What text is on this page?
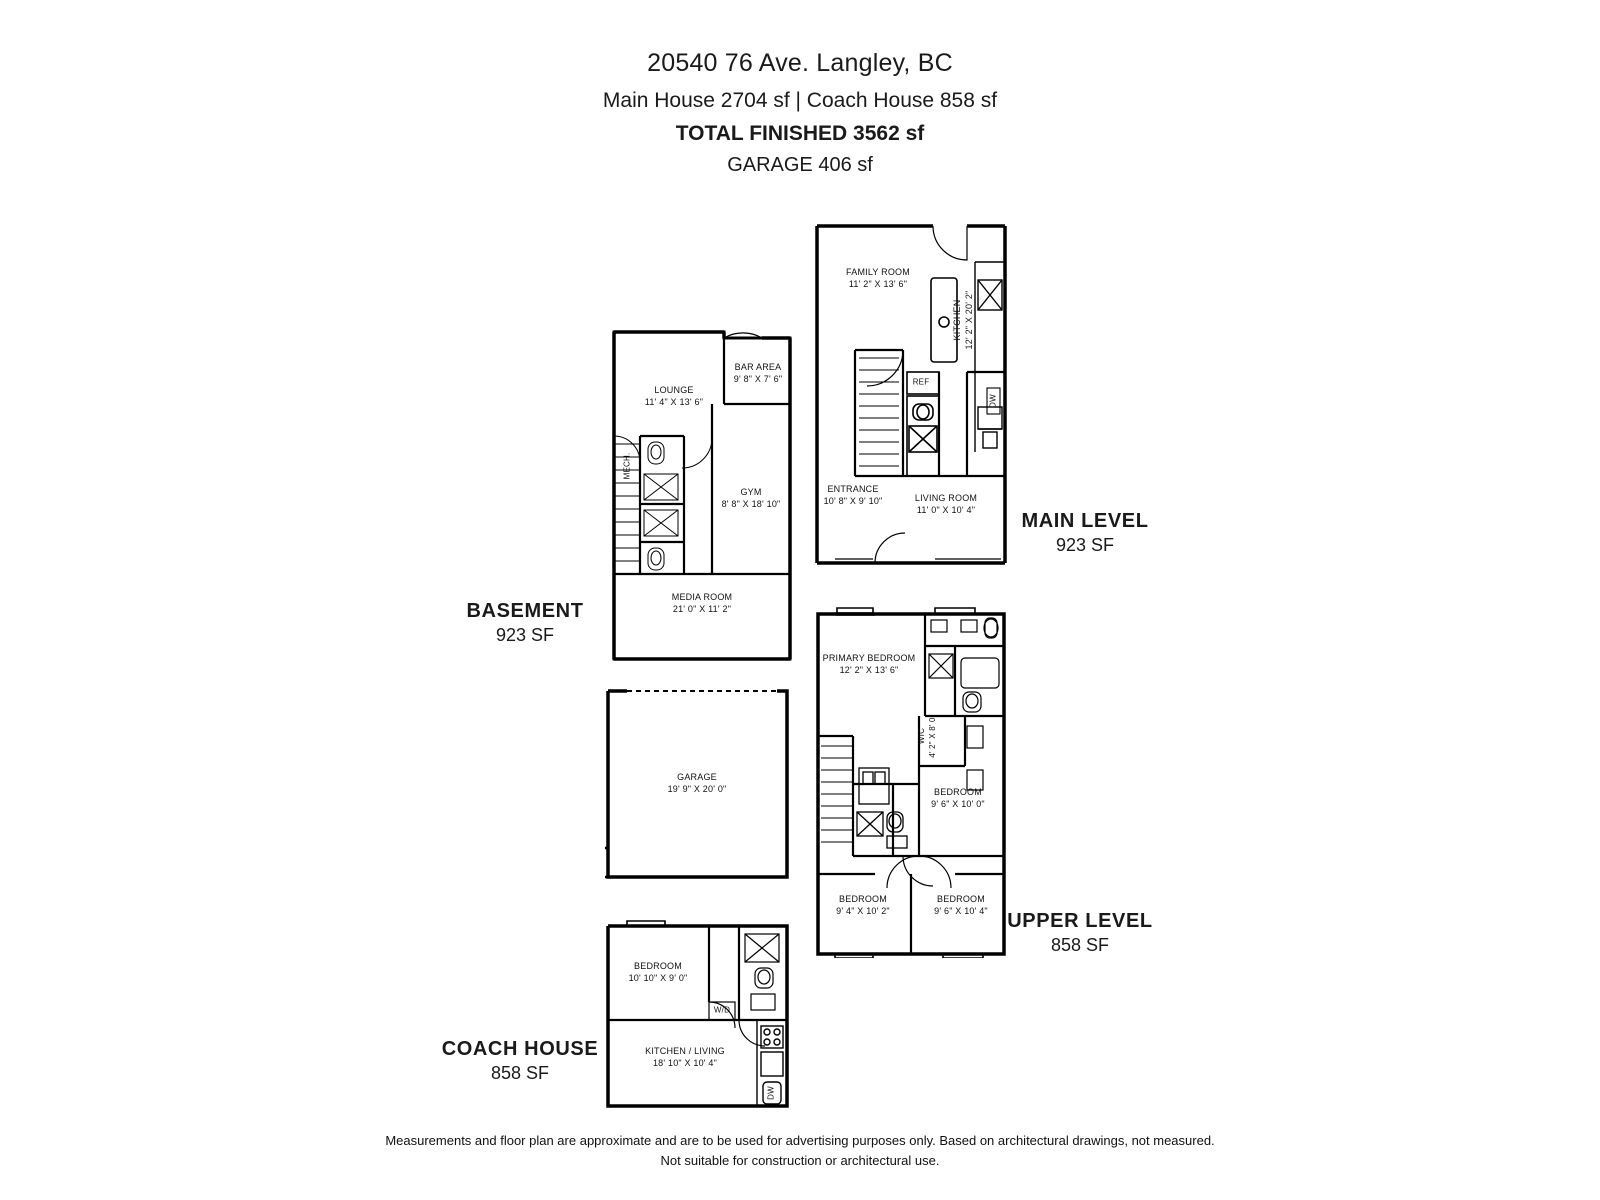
20540 76 Ave. Langley, BC
Main House 2704 sf | Coach House 858 sf
TOTAL FINISHED 3562 sf
GARAGE 406 sf
LOUNGE
11' 4" X 13' 6"
BAR AREA
9' 8" X 7' 6"
GYM
8' 8" X 18' 10"
MEDIA ROOM
21' 0" X 11' 2"
MECH.
BASEMENT
923 SF
FAMILY ROOM
11' 2" X 13' 6"
KITCHEN 12' 2" X 20' 2"
ENTRANCE
10' 8" X 9' 10"	LIVING ROOM
11' 0" X 10' 4"
REF
DW
MAIN LEVEL
923 SF
GARAGE
19' 9" X 20' 0"
PRIMARY BEDROOM
12' 2" X 13' 6"
WIC 4' 2" X 8' 0"
BEDROOM
9' 6" X 10' 0"
BEDROOM
9' 4" X 10' 2"
BEDROOM
9' 6" X 10' 4" UPPER LEVEL
858 SF
BEDROOM
10' 10" X 9' 0"
KITCHEN / LIVING
18' 10" X 10' 4"
W/D
DW
COACH HOUSE
858 SF
Measurements and floor plan are approximate and are to be used for advertising purposes only. Based on architectural drawings, not measured.
Not suitable for construction or architectural use.
